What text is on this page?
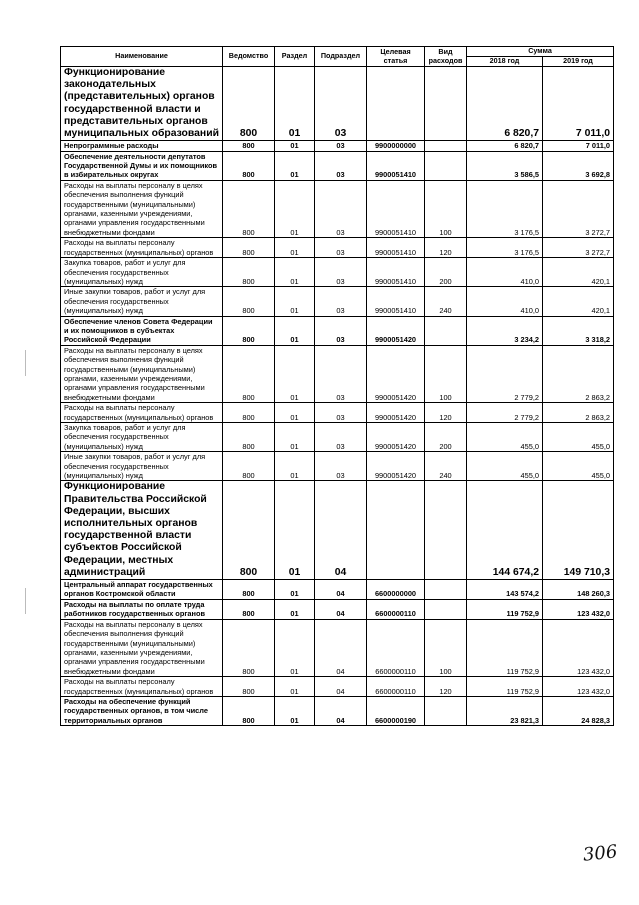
Наименование	Ведомство	Раздел	Подраздел	Целевая статья	Вид расходов	Сумма	
						2018 год	2019 год
Функционирование законодательных (представительных) органов государственной власти и представительных органов муниципальных образований	800	01	03			6 820,7	7 011,0
Непрограммные расходы	800	01	03	9900000000		6 820,7	7 011,0
Обеспечение деятельности депутатов Государственной Думы и их помощников в избирательных округах	800	01	03	9900051410		3 586,5	3 692,8
Расходы на выплаты персоналу в целях обеспечения выполнения функций государственными (муниципальными) органами, казенными учреждениями, органами управления государственными внебюджетными фондами	800	01	03	9900051410	100	3 176,5	3 272,7
Расходы на выплаты персоналу государственных (муниципальных) органов	800	01	03	9900051410	120	3 176,5	3 272,7
Закупка товаров, работ и услуг для обеспечения государственных (муниципальных) нужд	800	01	03	9900051410	200	410,0	420,1
Иные закупки товаров, работ и услуг для обеспечения государственных (муниципальных) нужд	800	01	03	9900051410	240	410,0	420,1
Обеспечение членов Совета Федерации и их помощников в субъектах Российской Федерации	800	01	03	9900051420		3 234,2	3 318,2
Расходы на выплаты персоналу в целях обеспечения выполнения функций государственными (муниципальными) органами, казенными учреждениями, органами управления государственными внебюджетными фондами	800	01	03	9900051420	100	2 779,2	2 863,2
Расходы на выплаты персоналу государственных (муниципальных) органов	800	01	03	9900051420	120	2 779,2	2 863,2
Закупка товаров, работ и услуг для обеспечения государственных (муниципальных) нужд	800	01	03	9900051420	200	455,0	455,0
Иные закупки товаров, работ и услуг для обеспечения государственных (муниципальных) нужд	800	01	03	9900051420	240	455,0	455,0
Функционирование Правительства Российской Федерации, высших исполнительных органов государственной власти субъектов Российской Федерации, местных администраций	800	01	04			144 674,2	149 710,3
Центральный аппарат государственных органов Костромской области	800	01	04	6600000000		143 574,2	148 260,3
Расходы на выплаты по оплате труда работников государственных органов	800	01	04	6600000110		119 752,9	123 432,0
Расходы на выплаты персоналу в целях обеспечения выполнения функций государственными (муниципальными) органами, казенными учреждениями, органами управления государственными внебюджетными фондами	800	01	04	6600000110	100	119 752,9	123 432,0
Расходы на выплаты персоналу государственных (муниципальных) органов	800	01	04	6600000110	120	119 752,9	123 432,0
Расходы на обеспечение функций государственных органов, в том числе территориальных органов	800	01	04	6600000190		23 821,3	24 828,3
306
